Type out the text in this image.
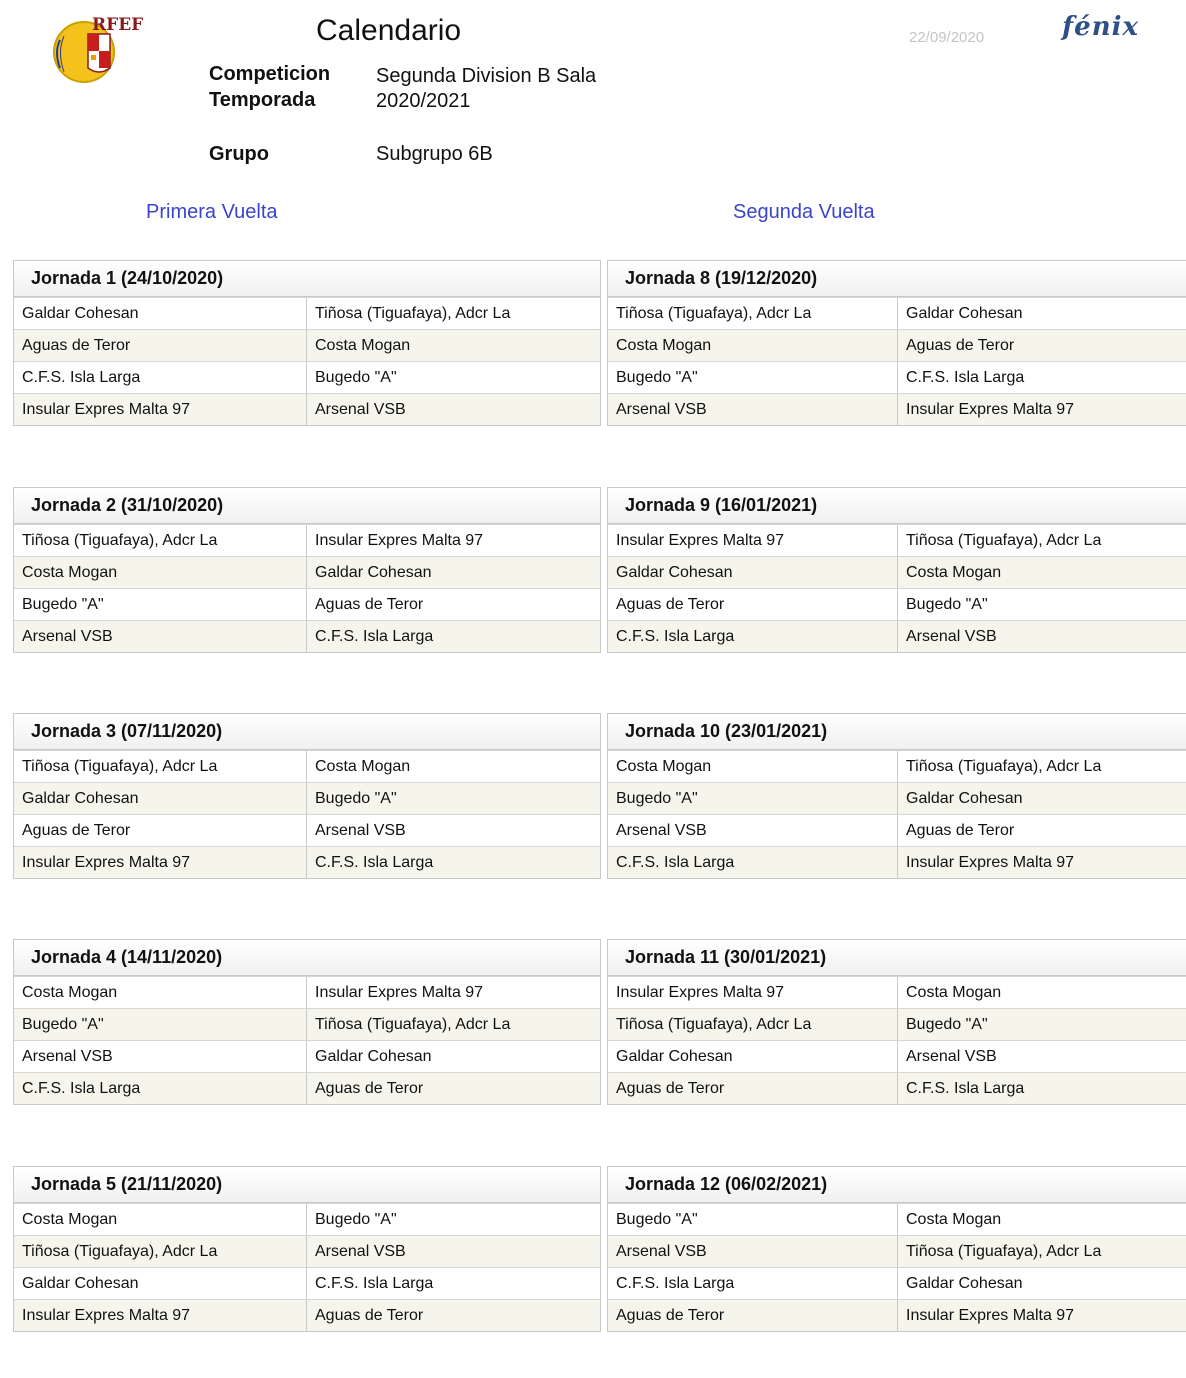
RFEF	Calendario	22/09/2020	fénix
Competicion Segunda Division B Sala
Temporada	2020/2021
Grupo	Subgrupo 6B
Primera Vuelta	Segunda Vuelta
Jornada 1 (24/10/2020)
Galdar Cohesan	Tiñosa (Tiguafaya), Adcr La
Aguas de Teror	Costa Mogan
C.F.S. Isla Larga	Bugedo "A"
Insular Expres Malta 97	Arsenal VSB
Jornada 2 (31/10/2020)
Tiñosa (Tiguafaya), Adcr La	Insular Expres Malta 97
Costa Mogan	Galdar Cohesan
Bugedo "A"	Aguas de Teror
Arsenal VSB	C.F.S. Isla Larga
Jornada 3 (07/11/2020)
Tiñosa (Tiguafaya), Adcr La	Costa Mogan
Galdar Cohesan	Bugedo "A"
Aguas de Teror	Arsenal VSB
Insular Expres Malta 97	C.F.S. Isla Larga
Jornada 4 (14/11/2020)
Costa Mogan	Insular Expres Malta 97
Bugedo "A"	Tiñosa (Tiguafaya), Adcr La
Arsenal VSB	Galdar Cohesan
C.F.S. Isla Larga	Aguas de Teror
Jornada 5 (21/11/2020)
Costa Mogan	Bugedo "A"
Tiñosa (Tiguafaya), Adcr La	Arsenal VSB
Galdar Cohesan	C.F.S. Isla Larga
Insular Expres Malta 97	Aguas de Teror
Jornada 8 (19/12/2020)
Tiñosa (Tiguafaya), Adcr La	Galdar Cohesan
Costa Mogan	Aguas de Teror
Bugedo "A"	C.F.S. Isla Larga
Arsenal VSB	Insular Expres Malta 97
Jornada 9 (16/01/2021)
Insular Expres Malta 97	Tiñosa (Tiguafaya), Adcr La
Galdar Cohesan	Costa Mogan
Aguas de Teror	Bugedo "A"
C.F.S. Isla Larga	Arsenal VSB
Jornada 10 (23/01/2021)
Costa Mogan	Tiñosa (Tiguafaya), Adcr La
Bugedo "A"	Galdar Cohesan
Arsenal VSB	Aguas de Teror
C.F.S. Isla Larga	Insular Expres Malta 97
Jornada 11 (30/01/2021)
Insular Expres Malta 97	Costa Mogan
Tiñosa (Tiguafaya), Adcr La	Bugedo "A"
Galdar Cohesan	Arsenal VSB
Aguas de Teror	C.F.S. Isla Larga
Jornada 12 (06/02/2021)
Bugedo "A"	Costa Mogan
Arsenal VSB	Tiñosa (Tiguafaya), Adcr La
C.F.S. Isla Larga	Galdar Cohesan
Aguas de Teror	Insular Expres Malta 97
